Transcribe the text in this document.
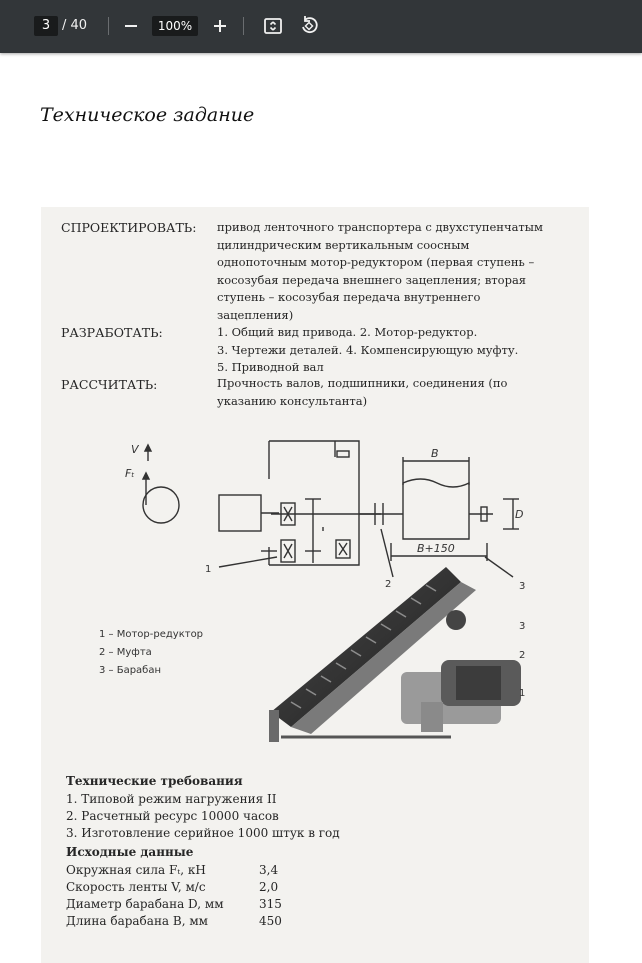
3 / 40	100%
Техническое задание
СПРОЕКТИРОВАТЬ: привод ленточного транспортера с двухступенчатым
цилиндрическим вертикальным соосным
однопоточным мотор-редуктором (первая ступень –
косозубая передача внешнего зацепления; вторая
ступень – косозубая передача внутреннего
зацепления)
РАЗРАБОТАТЬ:	1. Общий вид привода. 2. Мотор-редуктор.
3. Чертежи деталей. 4. Компенсирующую муфту.
5. Приводной вал
РАССЧИТАТЬ:	Прочность валов, подшипники, соединения (по
указанию консультанта)
V
Fₜ
B
D
B+150
1
2	3
1 – Мотор-редуктор
2 – Муфта
3 – Барабан
3
2
1
Технические требования
1. Типовой режим нагружения II
2. Расчетный ресурс 10000 часов
3. Изготовление серийное 1000 штук в год
Исходные данные
Окружная сила Fₜ, кН	3,4
Скорость ленты V, м/с	2,0
Диаметр барабана D, мм	315
Длина барабана B, мм	450
